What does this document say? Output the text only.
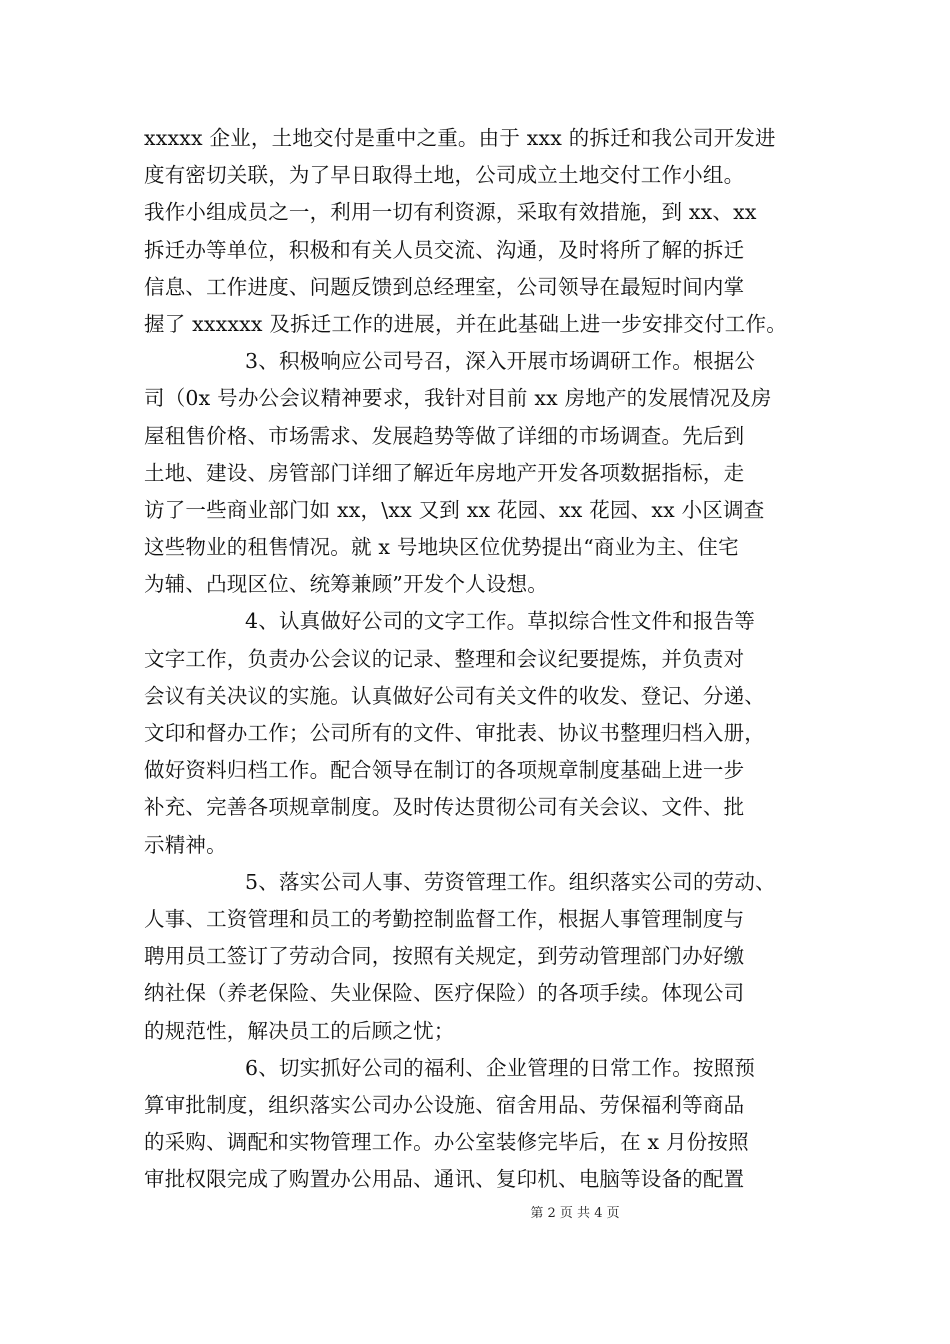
xxxxx 企业，土地交付是重中之重。由于 xxx 的拆迁和我公司开发进
度有密切关联，为了早日取得土地，公司成立土地交付工作小组。
我作小组成员之一，利用一切有利资源，采取有效措施，到 xx、xx
拆迁办等单位，积极和有关人员交流、沟通，及时将所了解的拆迁
信息、工作进度、问题反馈到总经理室，公司领导在最短时间内掌
握了 xxxxxx 及拆迁工作的进展，并在此基础上进一步安排交付工作。
3、积极响应公司号召，深入开展市场调研工作。根据公
司（0x 号办公会议精神要求，我针对目前 xx 房地产的发展情况及房
屋租售价格、市场需求、发展趋势等做了详细的市场调查。先后到
土地、建设、房管部门详细了解近年房地产开发各项数据指标，走
访了一些商业部门如 xx，\xx 又到 xx 花园、xx 花园、xx 小区调查
这些物业的租售情况。就 x 号地块区位优势提出“商业为主、住宅
为辅、凸现区位、统筹兼顾”开发个人设想。
4、认真做好公司的文字工作。草拟综合性文件和报告等
文字工作，负责办公会议的记录、整理和会议纪要提炼，并负责对
会议有关决议的实施。认真做好公司有关文件的收发、登记、分递、
文印和督办工作；公司所有的文件、审批表、协议书整理归档入册，
做好资料归档工作。配合领导在制订的各项规章制度基础上进一步
补充、完善各项规章制度。及时传达贯彻公司有关会议、文件、批
示精神。
5、落实公司人事、劳资管理工作。组织落实公司的劳动、
人事、工资管理和员工的考勤控制监督工作，根据人事管理制度与
聘用员工签订了劳动合同，按照有关规定，到劳动管理部门办好缴
纳社保（养老保险、失业保险、医疗保险）的各项手续。体现公司
的规范性，解决员工的后顾之忧；
6、切实抓好公司的福利、企业管理的日常工作。按照预
算审批制度，组织落实公司办公设施、宿舍用品、劳保福利等商品
的采购、调配和实物管理工作。办公室装修完毕后，在 x 月份按照
审批权限完成了购置办公用品、通讯、复印机、电脑等设备的配置
第 2 页 共 4 页
